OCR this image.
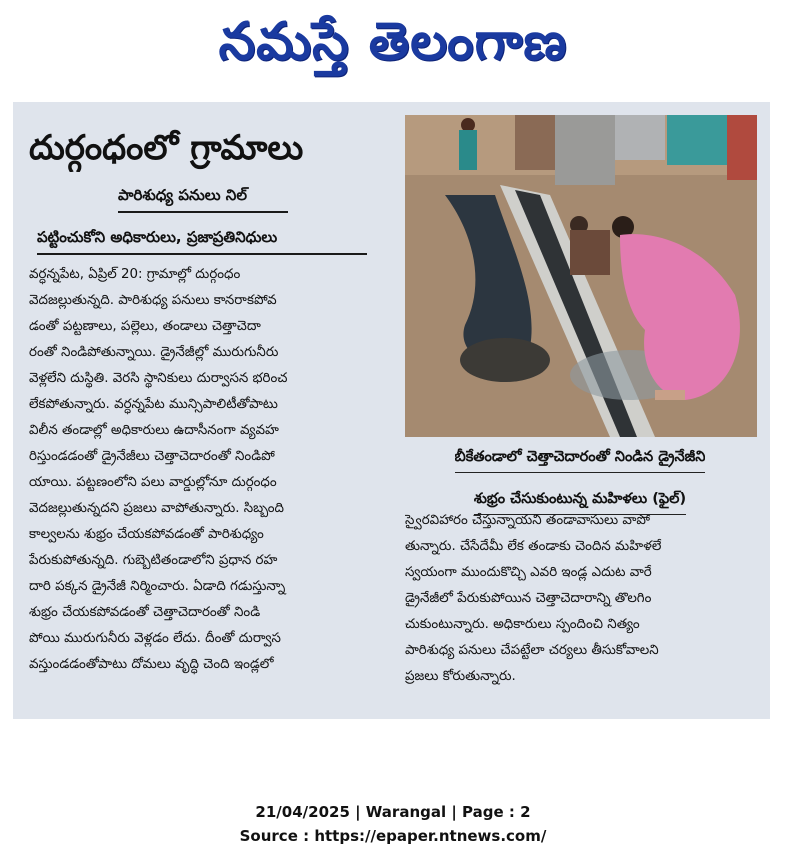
నమస్తే తెలంగాణ
దుర్గంధంలో గ్రామాలు
పారిశుధ్య పనులు నిల్
పట్టించుకోని అధికారులు, ప్రజాప్రతినిధులు
వర్ధన్నపేట, ఏప్రిల్ 20: గ్రామాల్లో దుర్గంధం
వెదజల్లుతున్నది. పారిశుధ్య పనులు కానరాకపోవ
డంతో పట్టణాలు, పల్లెలు, తండాలు చెత్తాచెదా
రంతో నిండిపోతున్నాయి. డ్రైనేజీల్లో మురుగునీరు
వెళ్లలేని దుస్థితి. వెరసి స్థానికులు దుర్వాసన భరించ
లేకపోతున్నారు. వర్ధన్నపేట మున్సిపాలిటీతోపాటు
విలీన తండాల్లో అధికారులు ఉదాసీనంగా వ్యవహ
రిస్తుండడంతో డ్రైనేజీలు చెత్తాచెదారంతో నిండిపో
యాయి. పట్టణంలోని పలు వార్డుల్లోనూ దుర్గంధం
వెదజల్లుతున్నదని ప్రజలు వాపోతున్నారు. సిబ్బంది
కాల్వలను శుభ్రం చేయకపోవడంతో పారిశుధ్యం
పేరుకుపోతున్నది. గుబ్బెటితండాలోని ప్రధాన రహ
దారి పక్కన డ్రైనేజీ నిర్మించారు. ఏడాది గడుస్తున్నా
శుభ్రం చేయకపోవడంతో చెత్తాచెదారంతో నిండి
పోయి మురుగునీరు వెళ్లడం లేదు. దీంతో దుర్వాస
వస్తుండడంతోపాటు దోమలు వృద్ధి చెంది ఇండ్లలో
బీకేతండాలో చెత్తాచెదారంతో నిండిన డ్రైనేజీని
శుభ్రం చేసుకుంటున్న మహిళలు (ఫైల్)
స్వైరవిహారం చేస్తున్నాయని తండావాసులు వాపో
తున్నారు. చేసేదేమీ లేక తండాకు చెందిన మహిళలే
స్వయంగా ముందుకొచ్చి ఎవరి ఇండ్ల ఎదుట వారే
డ్రైనేజీలో పేరుకుపోయిన చెత్తాచెదారాన్ని తొలగిం
చుకుంటున్నారు. అధికారులు స్పందించి నిత్యం
పారిశుధ్య పనులు చేపట్టేలా చర్యలు తీసుకోవాలని
ప్రజలు కోరుతున్నారు.
21/04/2025 | Warangal | Page : 2
Source : https://epaper.ntnews.com/
